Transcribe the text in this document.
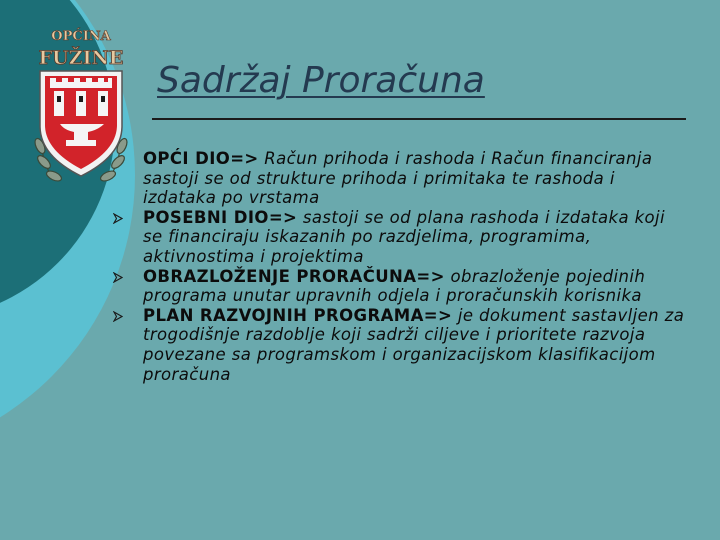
OPĆINA
FUŽINE
Sadržaj Proračuna
OPĆI DIO=> Račun prihoda i rashoda i Račun financiranja sastoji se od strukture prihoda i primitaka te rashoda i izdataka po vrstama
POSEBNI DIO=> sastoji se od plana rashoda i izdataka koji se financiraju iskazanih po razdjelima, programima, aktivnostima i projektima
OBRAZLOŽENJE PRORAČUNA=> obrazloženje pojedinih programa unutar upravnih odjela i proračunskih korisnika
PLAN RAZVOJNIH PROGRAMA=> je dokument sastavljen za trogodišnje razdoblje koji sadrži ciljeve i prioritete razvoja povezane sa programskom i organizacijskom klasifikacijom proračuna
